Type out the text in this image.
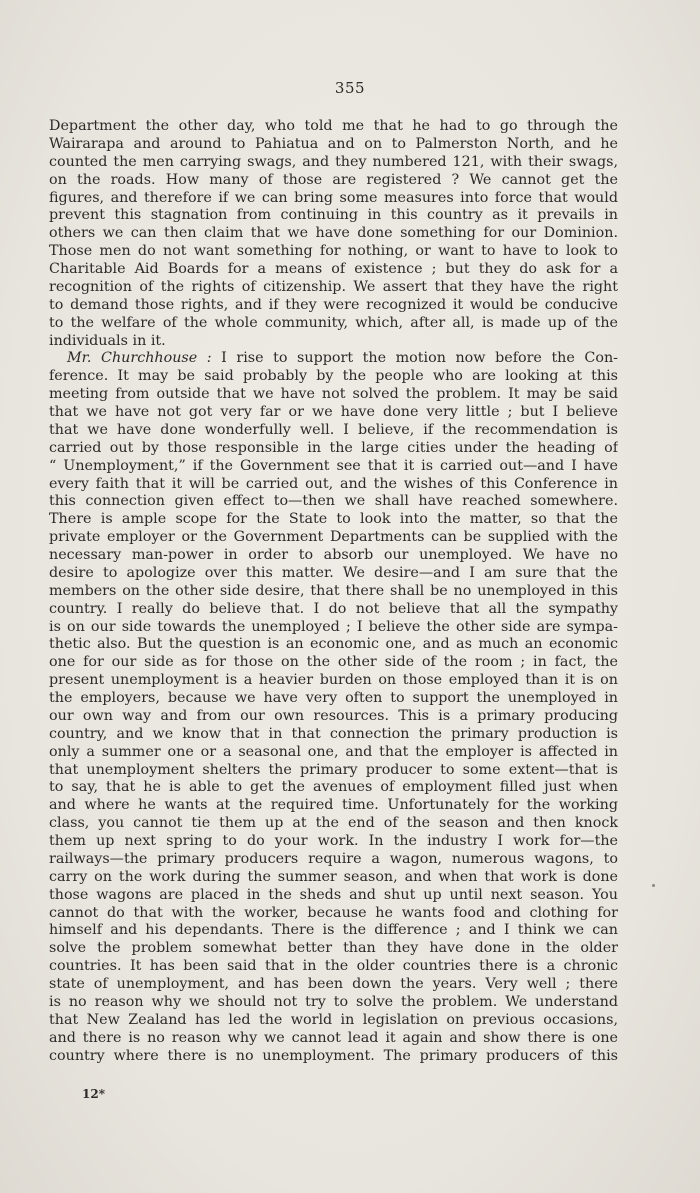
355
Department the other day, who told me that he had to go through the
Wairarapa and around to Pahiatua and on to Palmerston North, and he
counted the men carrying swags, and they numbered 121, with their swags,
on the roads. How many of those are registered ? We cannot get the
figures, and therefore if we can bring some measures into force that would
prevent this stagnation from continuing in this country as it prevails in
others we can then claim that we have done something for our Dominion.
Those men do not want something for nothing, or want to have to look to
Charitable Aid Boards for a means of existence ; but they do ask for a
recognition of the rights of citizenship. We assert that they have the right
to demand those rights, and if they were recognized it would be conducive
to the welfare of the whole community, which, after all, is made up of the
individuals in it.
Mr. Churchhouse : I rise to support the motion now before the Con-
ference. It may be said probably by the people who are looking at this
meeting from outside that we have not solved the problem. It may be said
that we have not got very far or we have done very little ; but I believe
that we have done wonderfully well. I believe, if the recommendation is
carried out by those responsible in the large cities under the heading of
“ Unemployment,” if the Government see that it is carried out—and I have
every faith that it will be carried out, and the wishes of this Conference in
this connection given effect to—then we shall have reached somewhere.
There is ample scope for the State to look into the matter, so that the
private employer or the Government Departments can be supplied with the
necessary man-power in order to absorb our unemployed. We have no
desire to apologize over this matter. We desire—and I am sure that the
members on the other side desire, that there shall be no unemployed in this
country. I really do believe that. I do not believe that all the sympathy
is on our side towards the unemployed ; I believe the other side are sympa-
thetic also. But the question is an economic one, and as much an economic
one for our side as for those on the other side of the room ; in fact, the
present unemployment is a heavier burden on those employed than it is on
the employers, because we have very often to support the unemployed in
our own way and from our own resources. This is a primary producing
country, and we know that in that connection the primary production is
only a summer one or a seasonal one, and that the employer is affected in
that unemployment shelters the primary producer to some extent—that is
to say, that he is able to get the avenues of employment filled just when
and where he wants at the required time. Unfortunately for the working
class, you cannot tie them up at the end of the season and then knock
them up next spring to do your work. In the industry I work for—the
railways—the primary producers require a wagon, numerous wagons, to
carry on the work during the summer season, and when that work is done
those wagons are placed in the sheds and shut up until next season. You
cannot do that with the worker, because he wants food and clothing for
himself and his dependants. There is the difference ; and I think we can
solve the problem somewhat better than they have done in the older
countries. It has been said that in the older countries there is a chronic
state of unemployment, and has been down the years. Very well ; there
is no reason why we should not try to solve the problem. We understand
that New Zealand has led the world in legislation on previous occasions,
and there is no reason why we cannot lead it again and show there is one
country where there is no unemployment. The primary producers of this
12*
